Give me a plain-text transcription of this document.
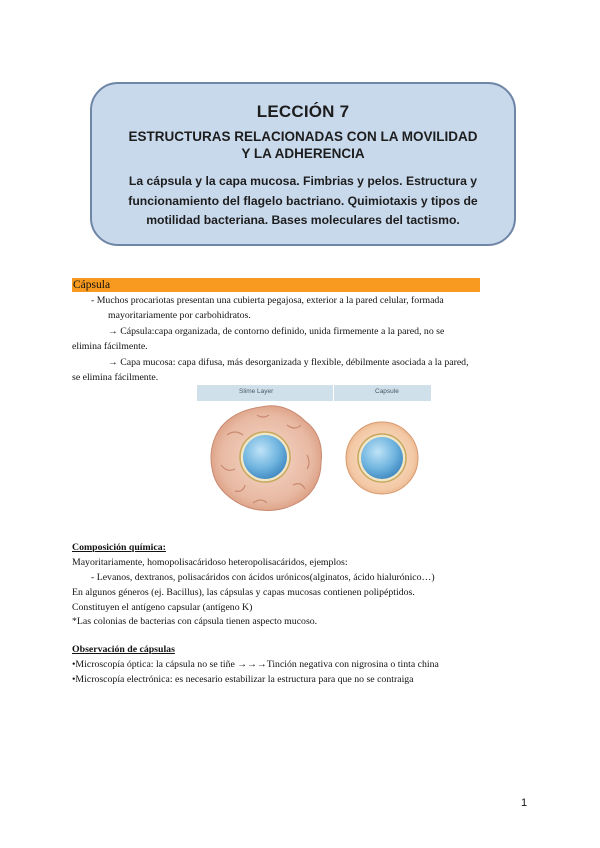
LECCIÓN 7
ESTRUCTURAS RELACIONADAS CON LA MOVILIDAD
Y LA ADHERENCIA
La cápsula y la capa mucosa. Fimbrias y pelos. Estructura y
funcionamiento del flagelo bactriano. Quimiotaxis y tipos de
motilidad bacteriana. Bases moleculares del tactismo.
Cápsula
- Muchos procariotas presentan una cubierta pegajosa, exterior a la pared celular, formada
mayoritariamente por carbohidratos.
→ Cápsula:capa organizada, de contorno definido, unida firmemente a la pared, no se
elimina fácilmente.
→ Capa mucosa: capa difusa, más desorganizada y flexible, débilmente asociada a la pared,
se elimina fácilmente.
Slime Layer	Capsule
Composición química:
Mayoritariamente, homopolisacáridoso heteropolisacáridos, ejemplos:
- Levanos, dextranos, polisacáridos con ácidos urónicos(alginatos, ácido hialurónico…)
En algunos géneros (ej. Bacillus), las cápsulas y capas mucosas contienen polipéptidos.
Constituyen el antígeno capsular (antígeno K)
*Las colonias de bacterias con cápsula tienen aspecto mucoso.
Observación de cápsulas
•Microscopía óptica: la cápsula no se tiñe →→→Tinción negativa con nigrosina o tinta china
•Microscopía electrónica: es necesario estabilizar la estructura para que no se contraiga
1
